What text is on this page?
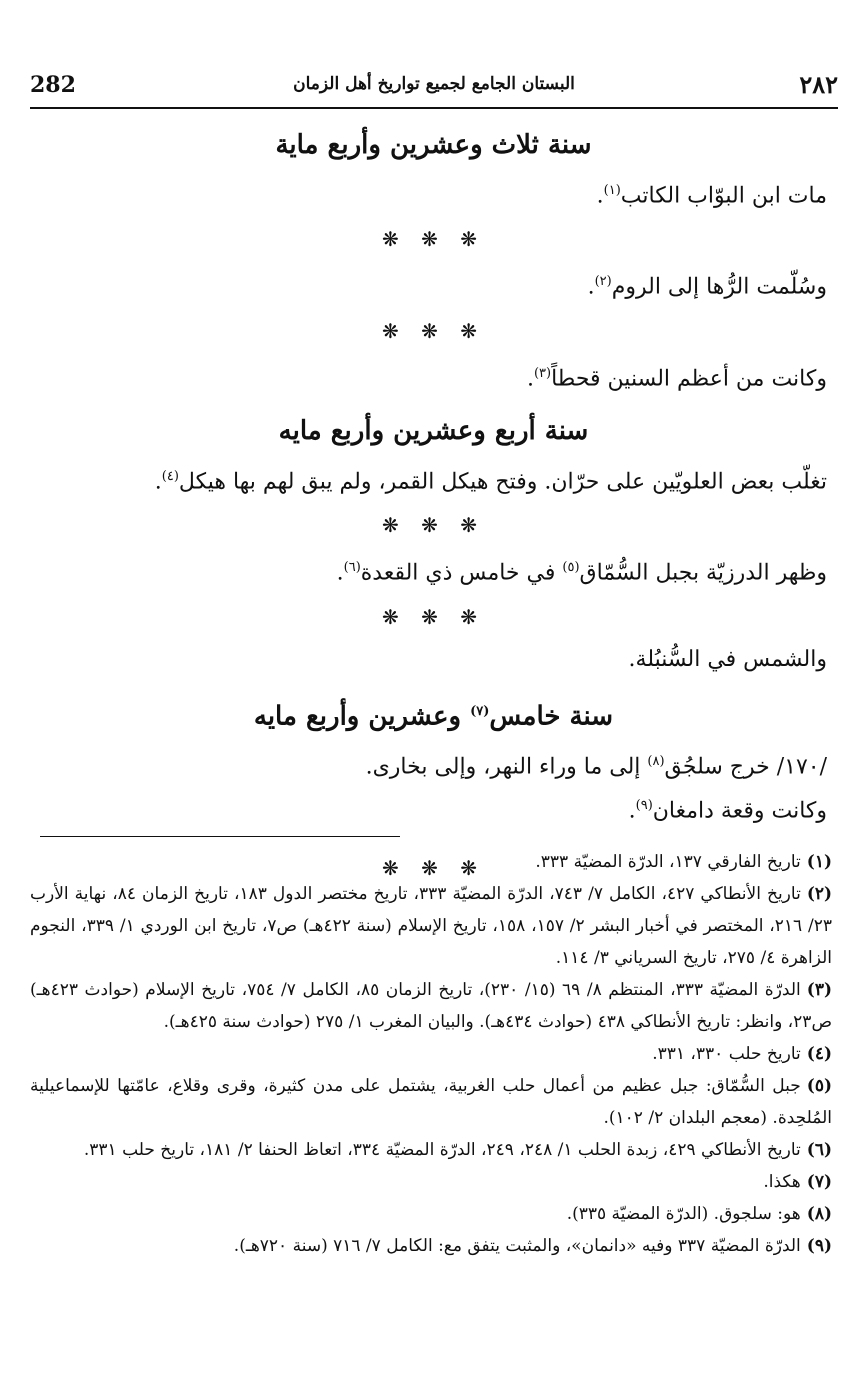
282	البستان الجامع لجميع تواريخ أهل الزمان	٢٨٢
سنة ثلاث وعشرين وأربع ماية

مات ابن البوّاب الكاتب$^{(١)}$.

❋ ❋ ❋

وسُلّمت الرُّها إلى الروم$^{(٢)}$.

❋ ❋ ❋

وكانت من أعظم السنين قحطاً$^{(٣)}$.

سنة أربع وعشرين وأربع مايه

تغلّب بعض العلويّين على حرّان. وفتح هيكل القمر، ولم يبق لهم بها هيكل$^{(٤)}$.

❋ ❋ ❋

وظهر الدرزيّة بجبل السُّمّاق$^{(٥)}$ في خامس ذي القعدة$^{(٦)}$.

❋ ❋ ❋

والشمس في السُّنبُلة.

سنة خامس$^{(٧)}$ وعشرين وأربع مايه

/١٧٠/ خرج سلجُق$^{(٨)}$ إلى ما وراء النهر، وإلى بخارى.

وكانت وقعة دامغان$^{(٩)}$.

❋ ❋ ❋	(١)تاريخ الفارقي ١٣٧، الدرّة المضيّة ٣٣٣.

(٢)تاريخ الأنطاكي ٤٢٧، الكامل ٧/ ٧٤٣، الدرّة المضيّة ٣٣٣، تاريخ مختصر الدول ١٨٣، تاريخ الزمان ٨٤، نهاية الأرب ٢٣/ ٢١٦، المختصر في أخبار البشر ٢/ ١٥٧، ١٥٨، تاريخ الإسلام (سنة ٤٢٢هـ) ص٧، تاريخ ابن الوردي ١/ ٣٣٩، النجوم الزاهرة ٤/ ٢٧٥، تاريخ السرياني ٣/ ١١٤.

(٣)الدرّة المضيّة ٣٣٣، المنتظم ٨/ ٦٩ (١٥/ ٢٣٠)، تاريخ الزمان ٨٥، الكامل ٧/ ٧٥٤، تاريخ الإسلام (حوادث ٤٢٣هـ) ص٢٣، وانظر: تاريخ الأنطاكي ٤٣٨ (حوادث ٤٣٤هـ). والبيان المغرب ١/ ٢٧٥ (حوادث سنة ٤٢٥هـ).

(٤)تاريخ حلب ٣٣٠، ٣٣١.

(٥)جبل السُّمّاق: جبل عظيم من أعمال حلب الغربية، يشتمل على مدن كثيرة، وقرى وقلاع، عامّتها للإسماعيلية المُلحِدة. (معجم البلدان ٢/ ١٠٢).

(٦)تاريخ الأنطاكي ٤٢٩، زبدة الحلب ١/ ٢٤٨، ٢٤٩، الدرّة المضيّة ٣٣٤، اتعاظ الحنفا ٢/ ١٨١، تاريخ حلب ٣٣١.

(٧)هكذا.

(٨)هو: سلجوق. (الدرّة المضيّة ٣٣٥).

(٩)الدرّة المضيّة ٣٣٧ وفيه «دانمان»، والمثبت يتفق مع: الكامل ٧/ ٧١٦ (سنة ٧٢٠هـ).
